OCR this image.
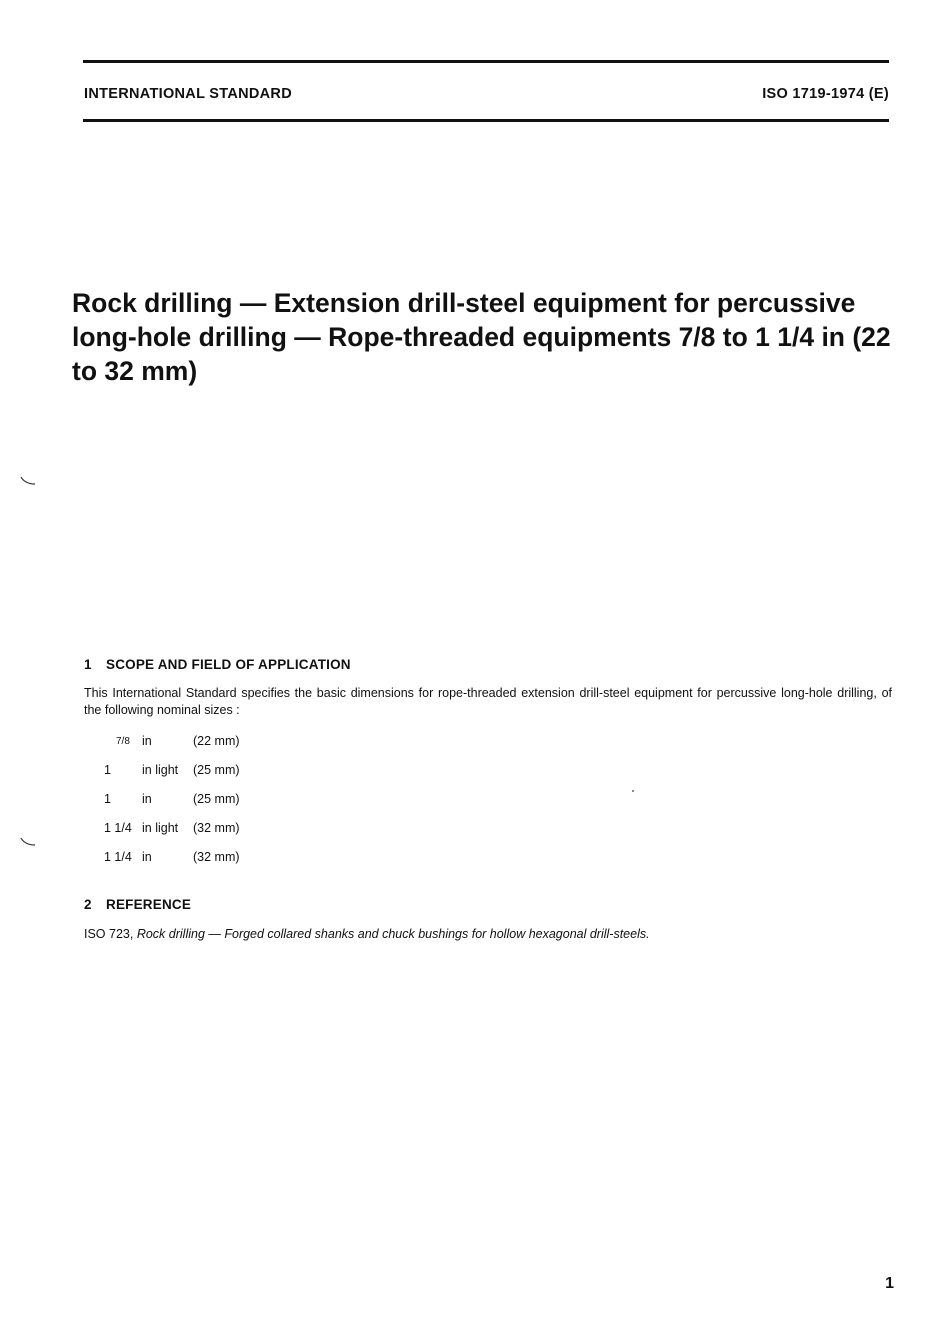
INTERNATIONAL STANDARD	ISO 1719-1974 (E)
Rock drilling — Extension drill-steel equipment for percussive long-hole drilling — Rope-threaded equipments 7/8 to 1 1/4 in (22 to 32 mm)
1 SCOPE AND FIELD OF APPLICATION

This International Standard specifies the basic dimensions for rope-threaded extension drill-steel equipment for percussive long-hole drilling, of the following nominal sizes :

7/8 in	(22 mm)
1 in light (25 mm)
1 in	(25 mm)
1 1/4 in light (32 mm)
1 1/4 in	(32 mm)
2 REFERENCE

ISO 723, Rock drilling — Forged collared shanks and chuck bushings for hollow hexagonal drill-steels.

1
